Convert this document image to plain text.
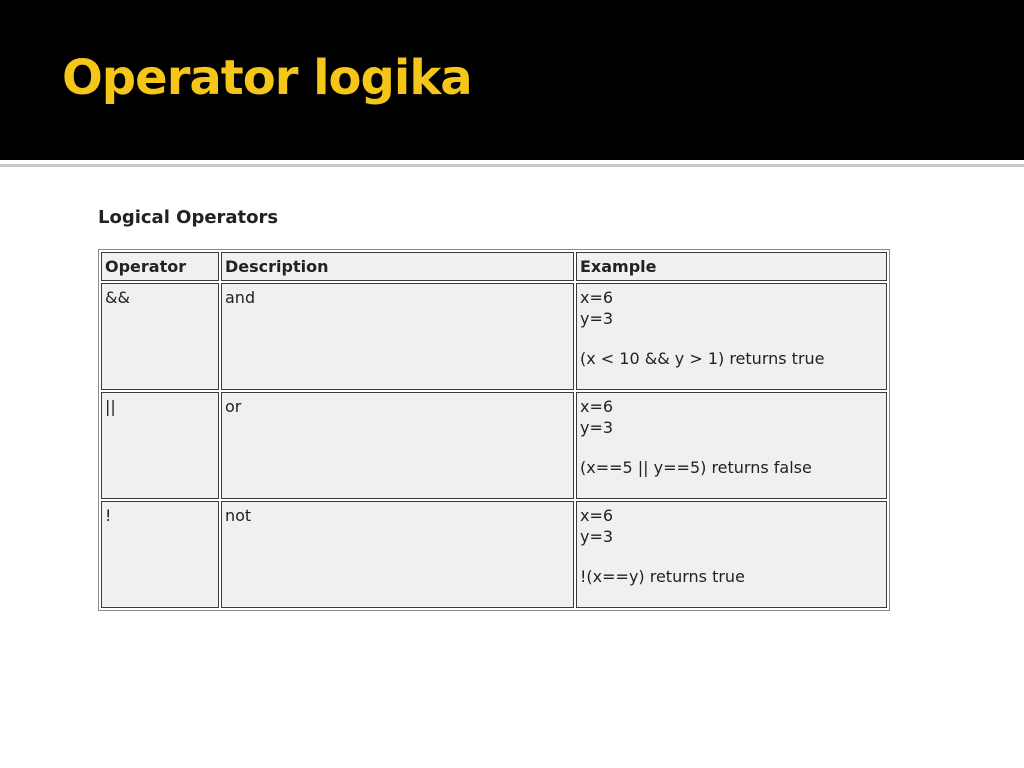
Operator logika
Logical Operators
Operator	Description	Example
&&	and	x=6
y=3
(x < 10 && y > 1) returns true

||	or	x=6
y=3
(x==5 || y==5) returns false

!	not	x=6
y=3
!(x==y) returns true
